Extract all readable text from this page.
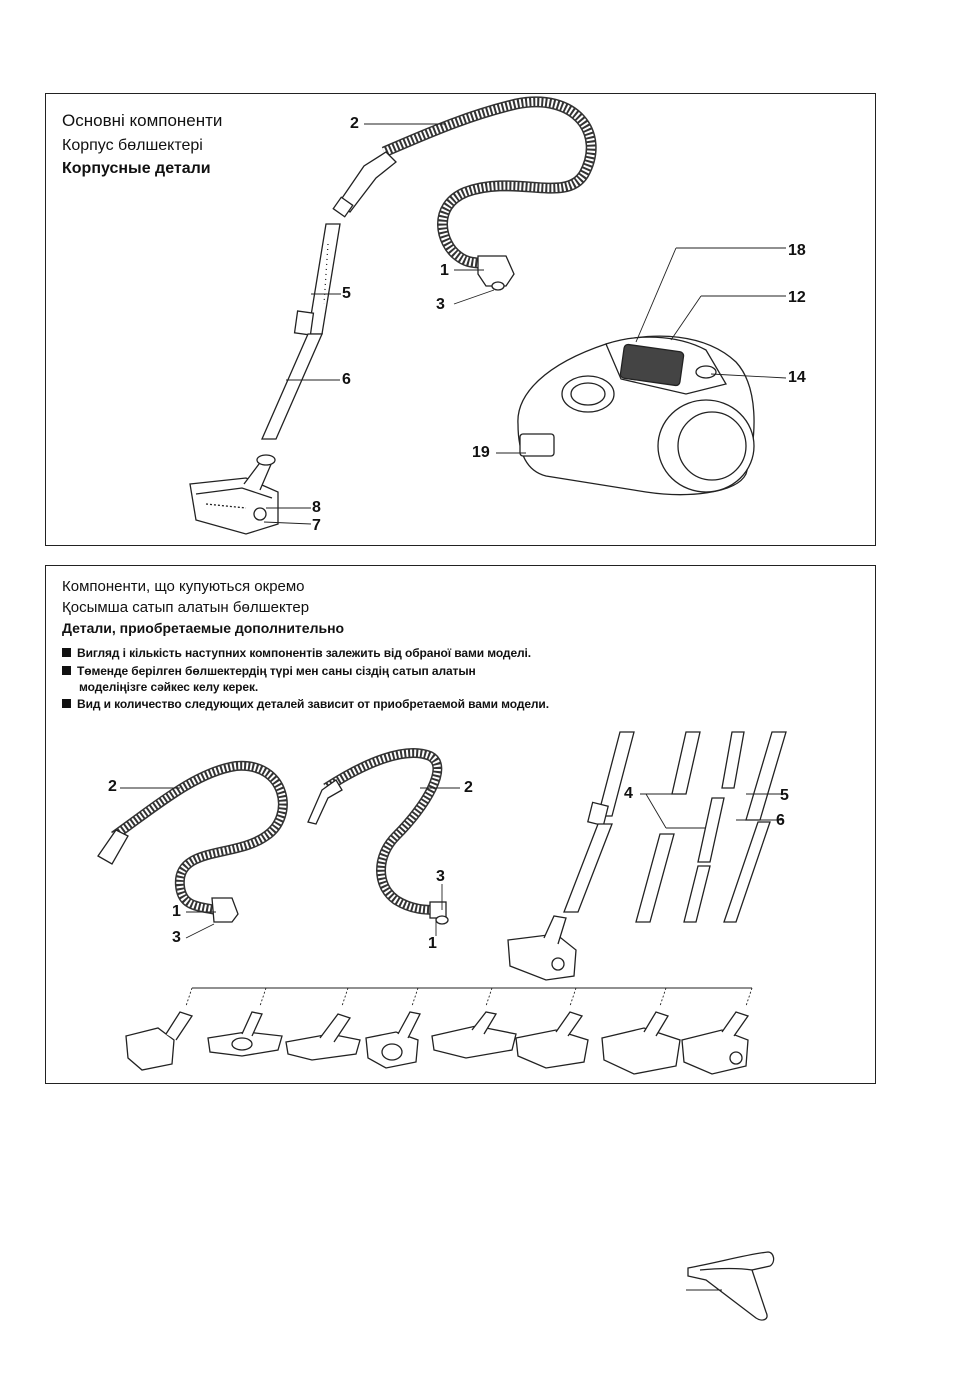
Основні компоненти
Корпус бөлшектері
Корпусные детали
2
1
3
5
6
8
7
18
12
14
19
Компоненти, що купуються окремо
Қосымша сатып алатын бөлшектер
Детали, приобретаемые дополнительно
Вигляд і кількість наступних компонентів залежить від обраної вами моделі.
Төменде берілген бөлшектердің түрі мен саны сіздің сатып алатын
моделіңізге сәйкес келу керек.
Вид и количество следующих деталей зависит от приобретаемой вами модели.
2
1
3
2
3
1
4	5
6
